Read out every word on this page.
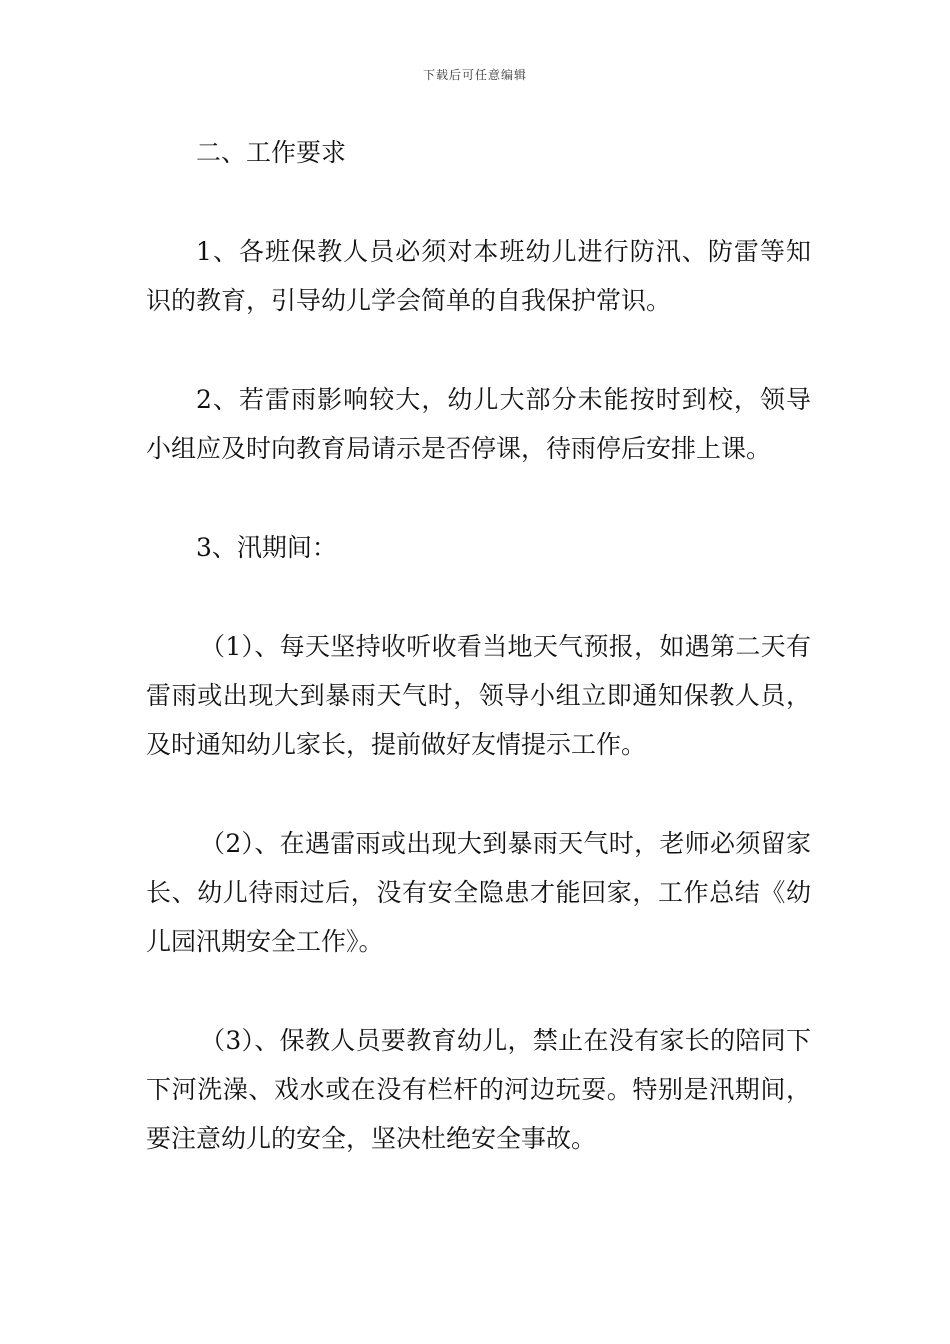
下载后可任意编辑

二、工作要求

1、各班保教人员必须对本班幼儿进行防汛、防雷等知识的教育，引导幼儿学会简单的自我保护常识。

2、若雷雨影响较大，幼儿大部分未能按时到校，领导小组应及时向教育局请示是否停课，待雨停后安排上课。

3、汛期间：

（1）、每天坚持收听收看当地天气预报，如遇第二天有雷雨或出现大到暴雨天气时，领导小组立即通知保教人员，及时通知幼儿家长，提前做好友情提示工作。

（2）、在遇雷雨或出现大到暴雨天气时，老师必须留家长、幼儿待雨过后，没有安全隐患才能回家，工作总结《幼儿园汛期安全工作》。

（3）、保教人员要教育幼儿，禁止在没有家长的陪同下下河洗澡、戏水或在没有栏杆的河边玩耍。特别是汛期间，要注意幼儿的安全，坚决杜绝安全事故。
